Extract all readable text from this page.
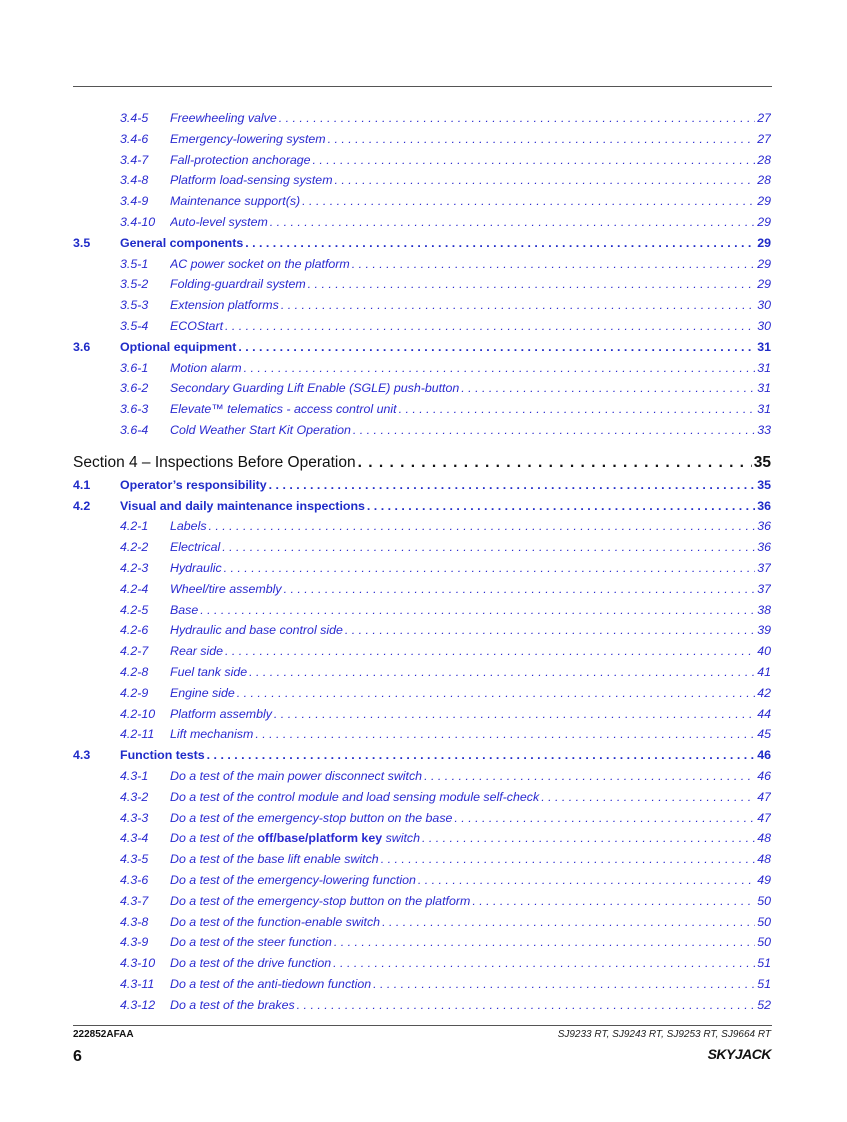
3.4-5 Freewheeling valve . . .	27
3.4-6 Emergency-lowering system . . .	27
3.4-7 Fall-protection anchorage . . .	28
3.4-8 Platform load-sensing system . . .	28
3.4-9 Maintenance support(s) . . .	29
3.4-10 Auto-level system . . .	29
3.5 General components . . .	29
3.5-1 AC power socket on the platform . . .	29
3.5-2 Folding-guardrail system . . .	29
3.5-3 Extension platforms . . .	30
3.5-4 ECOStart . . .	30
3.6 Optional equipment . . .	31
3.6-1 Motion alarm . . .	31
3.6-2 Secondary Guarding Lift Enable (SGLE) push-button . . .	31
3.6-3 Elevate™ telematics - access control unit . . .	31
3.6-4 Cold Weather Start Kit Operation . . .	33
Section 4 – Inspections Before Operation . . .	35
4.1 Operator’s responsibility . . .	35
4.2 Visual and daily maintenance inspections . . .	36
4.2-1 Labels . . .	36
4.2-2 Electrical . . .	36
4.2-3 Hydraulic . . .	37
4.2-4 Wheel/tire assembly . . .	37
4.2-5 Base . . .	38
4.2-6 Hydraulic and base control side . . .	39
4.2-7 Rear side . . .	40
4.2-8 Fuel tank side . . .	41
4.2-9 Engine side . . .	42
4.2-10 Platform assembly . . .	44
4.2-11 Lift mechanism . . .	45
4.3 Function tests . . .	46
4.3-1 Do a test of the main power disconnect switch . . .	46
4.3-2 Do a test of the control module and load sensing module self-check . . .	47
4.3-3 Do a test of the emergency-stop button on the base . . .	47
4.3-4 Do a test of the off/base/platform key switch . . .	48
4.3-5 Do a test of the base lift enable switch . . .	48
4.3-6 Do a test of the emergency-lowering function . . .	49
4.3-7 Do a test of the emergency-stop button on the platform . . .	50
4.3-8 Do a test of the function-enable switch . . .	50
4.3-9 Do a test of the steer function . . .	50
4.3-10 Do a test of the drive function . . .	51
4.3-11 Do a test of the anti-tiedown function . . .	51
4.3-12 Do a test of the brakes . . .	52
222852AFAA	SJ9233 RT, SJ9243 RT, SJ9253 RT, SJ9664 RT
6	SKYJACK
